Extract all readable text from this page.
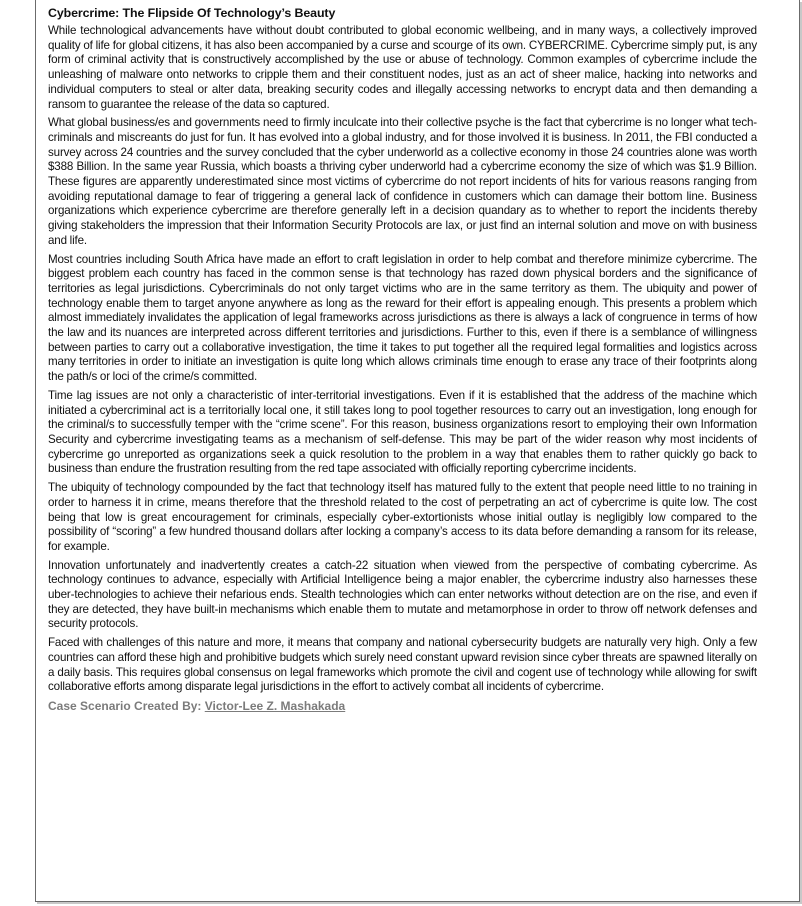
Cybercrime: The Flipside Of Technology’s Beauty

While technological advancements have without doubt contributed to global economic wellbeing, and in many ways, a collectively improved quality of life for global citizens, it has also been accompanied by a curse and scourge of its own. CYBERCRIME. Cybercrime simply put, is any form of criminal activity that is constructively accomplished by the use or abuse of technology. Common examples of cybercrime include the unleashing of malware onto networks to cripple them and their constituent nodes, just as an act of sheer malice, hacking into networks and individual computers to steal or alter data, breaking security codes and illegally accessing networks to encrypt data and then demanding a ransom to guarantee the release of the data so captured.

What global business/es and governments need to firmly inculcate into their collective psyche is the fact that cybercrime is no longer what tech-criminals and miscreants do just for fun. It has evolved into a global industry, and for those involved it is business. In 2011, the FBI conducted a survey across 24 countries and the survey concluded that the cyber underworld as a collective economy in those 24 countries alone was worth $388 Billion. In the same year Russia, which boasts a thriving cyber underworld had a cybercrime economy the size of which was $1.9 Billion. These figures are apparently underestimated since most victims of cybercrime do not report incidents of hits for various reasons ranging from avoiding reputational damage to fear of triggering a general lack of confidence in customers which can damage their bottom line. Business organizations which experience cybercrime are therefore generally left in a decision quandary as to whether to report the incidents thereby giving stakeholders the impression that their Information Security Protocols are lax, or just find an internal solution and move on with business and life.

Most countries including South Africa have made an effort to craft legislation in order to help combat and therefore minimize cybercrime. The biggest problem each country has faced in the common sense is that technology has razed down physical borders and the significance of territories as legal jurisdictions. Cybercriminals do not only target victims who are in the same territory as them. The ubiquity and power of technology enable them to target anyone anywhere as long as the reward for their effort is appealing enough. This presents a problem which almost immediately invalidates the application of legal frameworks across jurisdictions as there is always a lack of congruence in terms of how the law and its nuances are interpreted across different territories and jurisdictions. Further to this, even if there is a semblance of willingness between parties to carry out a collaborative investigation, the time it takes to put together all the required legal formalities and logistics across many territories in order to initiate an investigation is quite long which allows criminals time enough to erase any trace of their footprints along the path/s or loci of the crime/s committed.

Time lag issues are not only a characteristic of inter-territorial investigations. Even if it is established that the address of the machine which initiated a cybercriminal act is a territorially local one, it still takes long to pool together resources to carry out an investigation, long enough for the criminal/s to successfully temper with the “crime scene”. For this reason, business organizations resort to employing their own Information Security and cybercrime investigating teams as a mechanism of self-defense. This may be part of the wider reason why most incidents of cybercrime go unreported as organizations seek a quick resolution to the problem in a way that enables them to rather quickly go back to business than endure the frustration resulting from the red tape associated with officially reporting cybercrime incidents.

The ubiquity of technology compounded by the fact that technology itself has matured fully to the extent that people need little to no training in order to harness it in crime, means therefore that the threshold related to the cost of perpetrating an act of cybercrime is quite low. The cost being that low is great encouragement for criminals, especially cyber-extortionists whose initial outlay is negligibly low compared to the possibility of “scoring” a few hundred thousand dollars after locking a company’s access to its data before demanding a ransom for its release, for example.

Innovation unfortunately and inadvertently creates a catch-22 situation when viewed from the perspective of combating cybercrime. As technology continues to advance, especially with Artificial Intelligence being a major enabler, the cybercrime industry also harnesses these uber-technologies to achieve their nefarious ends. Stealth technologies which can enter networks without detection are on the rise, and even if they are detected, they have built-in mechanisms which enable them to mutate and metamorphose in order to throw off network defenses and security protocols.

Faced with challenges of this nature and more, it means that company and national cybersecurity budgets are naturally very high. Only a few countries can afford these high and prohibitive budgets which surely need constant upward revision since cyber threats are spawned literally on a daily basis. This requires global consensus on legal frameworks which promote the civil and cogent use of technology while allowing for swift collaborative efforts among disparate legal jurisdictions in the effort to actively combat all incidents of cybercrime.

Case Scenario Created By: Victor-Lee Z. Mashakada
